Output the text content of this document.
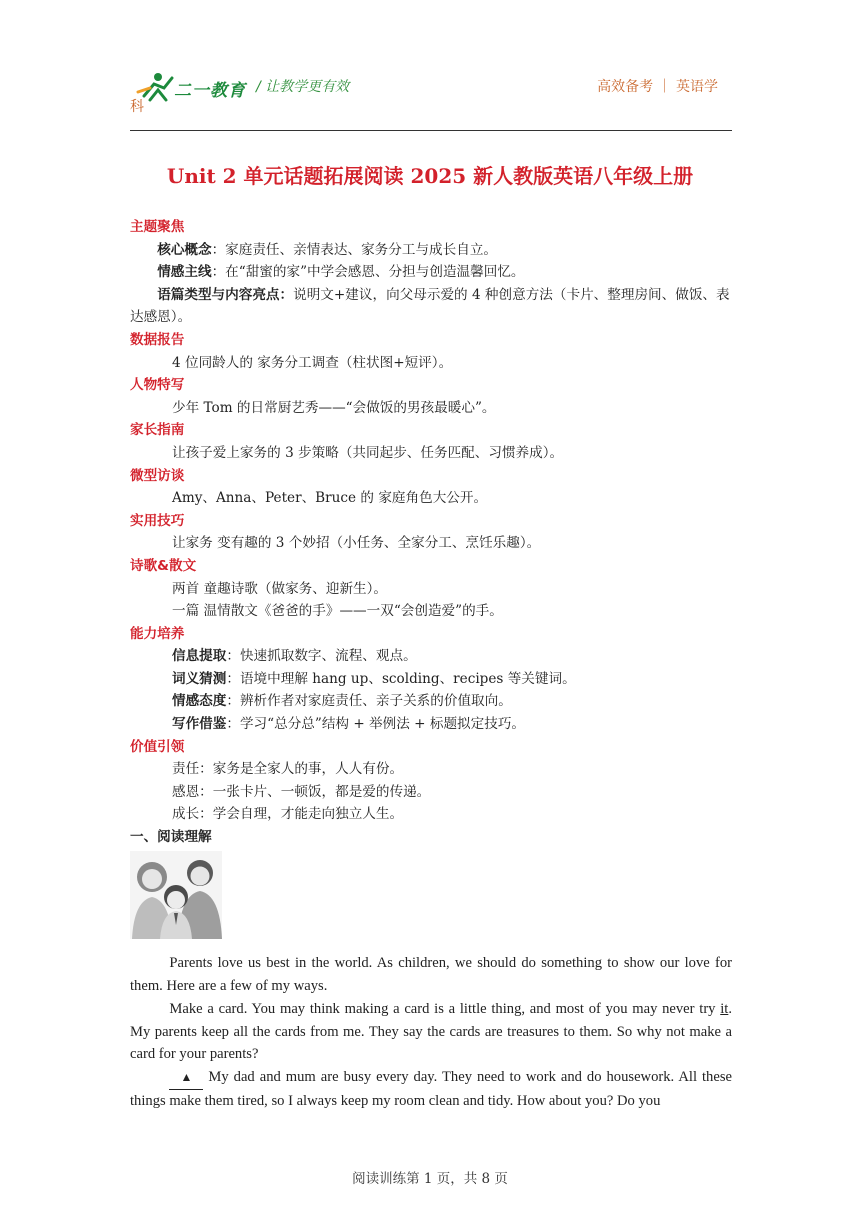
二一教育 / 让教学更有效	高效备考 ｜ 英语学
科
Unit 2 单元话题拓展阅读 2025 新人教版英语八年级上册
主题聚焦
核心概念：家庭责任、亲情表达、家务分工与成长自立。
情感主线：在“甜蜜的家”中学会感恩、分担与创造温馨回忆。
语篇类型与内容亮点：说明文+建议，向父母示爱的 4 种创意方法（卡片、整理房间、做饭、表达感恩）。
数据报告
4 位同龄人的 家务分工调查（柱状图+短评）。
人物特写
少年 Tom 的日常厨艺秀——“会做饭的男孩最暖心”。
家长指南
让孩子爱上家务的 3 步策略（共同起步、任务匹配、习惯养成）。
微型访谈
Amy、Anna、Peter、Bruce 的 家庭角色大公开。
实用技巧
让家务 变有趣的 3 个妙招（小任务、全家分工、烹饪乐趣）。
诗歌&散文
两首 童趣诗歌（做家务、迎新生）。
一篇 温情散文《爸爸的手》——一双“会创造爱”的手。
能力培养
信息提取：快速抓取数字、流程、观点。
词义猜测：语境中理解 hang up、scolding、recipes 等关键词。
情感态度：辨析作者对家庭责任、亲子关系的价值取向。
写作借鉴：学习“总分总”结构 + 举例法 + 标题拟定技巧。
价值引领
责任：家务是全家人的事，人人有份。
感恩：一张卡片、一顿饭，都是爱的传递。
成长：学会自理，才能走向独立人生。
一、阅读理解

Parents love us best in the world. As children, we should do something to show our love for them. Here are a few of my ways.

Make a card. You may think making a card is a little thing, and most of you may never try it. My parents keep all the cards from me. They say the cards are treasures to them. So why not make a card for your parents?

▲ My dad and mum are busy every day. They need to work and do housework. All these things make them tired, so I always keep my room clean and tidy. How about you? Do you

阅读训练第 1 页，共 8 页
